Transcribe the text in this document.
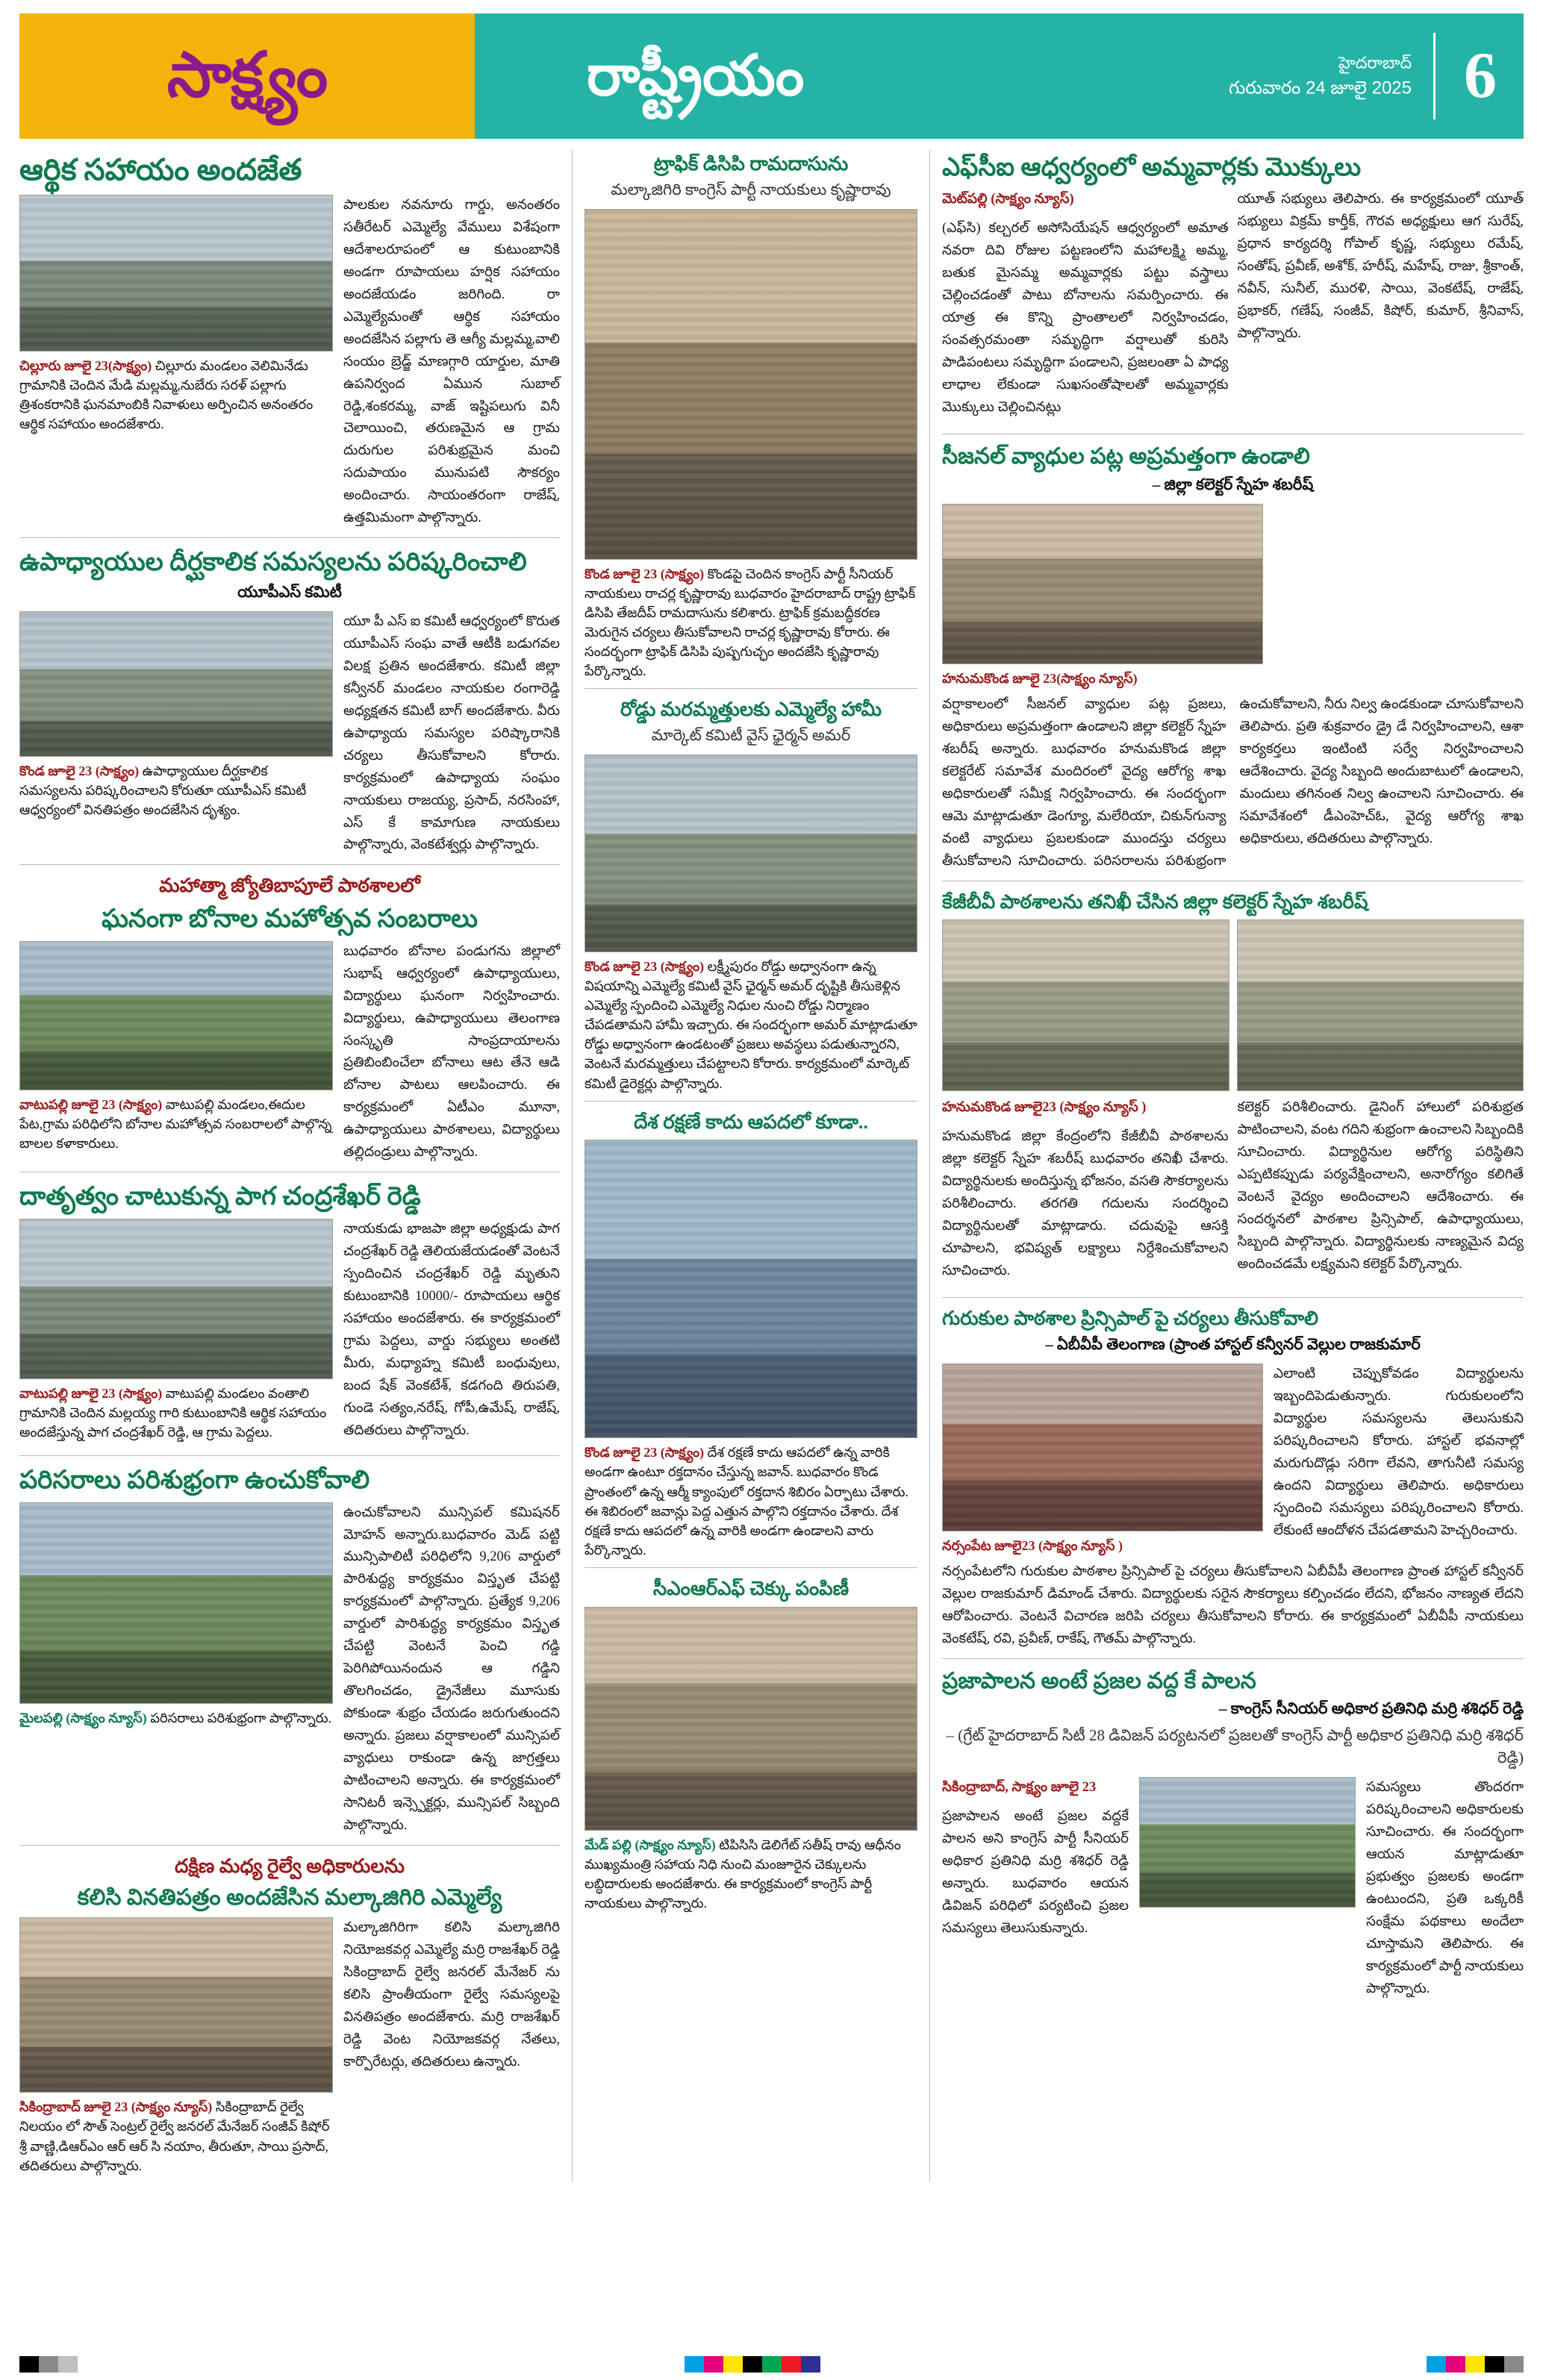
సాక్ష్యం	రాష్ట్రీయం	హైదరాబాద్
గురువారం 24 జూలై 2025 6
ఆర్థిక సహాయం అందజేత
చిల్లూరు జూలై 23(సాక్ష్యం) చిల్లూరు మండలం వెలిమినేడు గ్రామానికి చెందిన మేడి మల్లమ్మ,నుబేరు సరళ్ పల్లాగు త్రిశంకరానికి ఘనమాంబికి నివాళులు అర్పించిన అనంతరం ఆర్థిక సహాయం అందజేశారు.
పాలకుల నవనూరు గార్డు, అనంతరం సతీరేటర్ ఎమ్మెల్యే వేములు విశేషంగా ఆదేశాలరూపంలో ఆ కుటుంబానికి అండగా రూపాయలు హర్షిక సహాయం అందజేయడం జరిగింది. రా ఎమ్మెల్యేమంతో ఆర్థిక సహాయం అందజేసిన పల్లాగు తె ఆగ్యీ మల్లమ్మ,వాలి సంయం బ్రెడ్జ్ మాణగ్గారి యార్డుల, మాతి ఉపనిర్వంద ఏమున సుబాల్ రెడ్డి,శంకరమ్మ, వాజ్ ఇష్టిపలుగు వినీ చెలాయించి, తరుణమైన ఆ గ్రామ దురుగుల పరిశుభ్రమైన మంచి సదుపాయం మునుపటి సౌకర్యం అందించారు. సాయంతరంగా రాజేష్, ఉత్తమిమంగా పాల్గొన్నారు.
ఉపాధ్యాయుల దీర్ఘకాలిక సమస్యలను పరిష్కరించాలి
యూపీఎస్ కమిటీ
కొండ జూలై 23 (సాక్ష్యం) ఉపాధ్యాయుల దీర్ఘకాలిక సమస్యలను పరిష్కరించాలని కోరుతూ యూపీఎస్ కమిటీ ఆధ్వర్యంలో వినతిపత్రం అందజేసిన దృశ్యం.
యూ పీ ఎస్ ఐ కమిటీ ఆధ్వర్యంలో కొరుత యూపీఎస్ సంఘ వాతే ఆటీకి బడుగవల విలక్ష ప్రతిన అందజేశారు. కమిటీ జిల్లా కన్వీనర్ మండలం నాయకుల రంగారెడ్డి అధ్యక్షతన కమిటీ బాగ్ అందజేశారు. వీరు ఉపాధ్యాయ సమస్యల పరిష్కారానికి చర్యలు తీసుకోవాలని కోరారు. కార్యక్రమంలో ఉపాధ్యాయ సంఘం నాయకులు రాజయ్య, ప్రసాద్, నరసింహా, ఎస్ కే కామాగుణ నాయకులు పాల్గొన్నారు, వెంకటేశ్వర్లు పాల్గొన్నారు.
మహాత్మా జ్యోతిబాపూలే పాఠశాలలో
ఘనంగా బోనాల మహోత్సవ సంబరాలు
వాటుపల్లి జూలై 23 (సాక్ష్యం) వాటుపల్లి మండలం,ఈదుల పేట,గ్రామ పరిధిలోని బోనాల మహోత్సవ సంబరాలలో పాల్గొన్న బాలల కళాకారులు.
బుధవారం బోనాల పండుగను జిల్లాలో సుభాష్ ఆధ్వర్యంలో ఉపాధ్యాయులు, విద్యార్థులు ఘనంగా నిర్వహించారు. విద్యార్థులు, ఉపాధ్యాయులు తెలంగాణ సంస్కృతి సాంప్రదాయాలను ప్రతిబింబించేలా బోనాలు ఆట తేనె ఆడి బోనాల పాటలు ఆలపించారు. ఈ కార్యక్రమంలో ఏటీఎం మూనా, ఉపాధ్యాయులు పాఠశాలలు, విద్యార్థులు తల్లిదండ్రులు పాల్గొన్నారు.
దాతృత్వం చాటుకున్న పాగ చంద్రశేఖర్ రెడ్డి
వాటుపల్లి జూలై 23 (సాక్ష్యం) వాటుపల్లి మండలం వంతాలి గ్రామానికి చెందిన మల్లయ్య గారి కుటుంబానికి ఆర్థిక సహాయం అందజేస్తున్న పాగ చంద్రశేఖర్ రెడ్డి, ఆ గ్రామ పెద్దలు.
నాయకుడు భాజపా జిల్లా అధ్యక్షుడు పాగ చంద్రశేఖర్ రెడ్డి తెలియజేయడంతో వెంటనే స్పందించిన చంద్రశేఖర్ రెడ్డి మృతుని కుటుంబానికి 10000/- రూపాయలు ఆర్థిక సహాయం అందజేశారు. ఈ కార్యక్రమంలో గ్రామ పెద్దలు, వార్డు సభ్యులు అంతటి మీరు, మధ్యాహ్న కమిటీ బంధువులు, బంద షేక్ వెంకటేశ్, కడగంది తిరుపతి, గుండె సత్యం,నరేష్, గోపీ,ఉమేష్, రాజేష్, తదితరులు పాల్గొన్నారు.
పరిసరాలు పరిశుభ్రంగా ఉంచుకోవాలి
మైలపల్లి (సాక్ష్యం న్యూస్) పరిసరాలు పరిశుభ్రంగా పాల్గొన్నారు.
ఉంచుకోవాలని మున్సిపల్ కమిషనర్ మోహన్ అన్నారు.బుధవారం మెడ్ పట్టి మున్సిపాలిటీ పరిధిలోని 9,206 వార్డులో పారిశుద్ధ్య కార్యక్రమం విస్తృత చేపట్టి కార్యక్రమంలో పాల్గొన్నారు. ప్రత్యేక 9,206 వార్డులో పారిశుద్ధ్య కార్యక్రమం విస్తృత చేపట్టి వెంటనే పెంచి గడ్డి పెరిగిపోయినందున ఆ గడ్డిని తొలగించడం, డ్రైనేజీలు మూసుకు పోకుండా శుభ్రం చేయడం జరుగుతుందని అన్నారు. ప్రజలు వర్షాకాలంలో మున్సిపల్ వ్యాధులు రాకుండా ఉన్న జాగ్రత్తలు పాటించాలని అన్నారు. ఈ కార్యక్రమంలో సానిటరీ ఇన్స్పెక్టర్లు, మున్సిపల్ సిబ్బంది పాల్గొన్నారు.
దక్షిణ మధ్య రైల్వే అధికారులను
కలిసి వినతిపత్రం అందజేసిన మల్కాజిగిరి ఎమ్మెల్యే
సికింద్రాబాద్ జూలై 23 (సాక్ష్యం న్యూస్) సికింద్రాబాద్ రైల్వే నిలయం లో సౌత్ సెంట్రల్ రైల్వే జనరల్ మేనేజర్ సంజీవ్ కిషోర్ శ్రీ వాణ్ణి,డిఆర్ఎం ఆర్ ఆర్ సి నయాం, తీరుతూ, సాయి ప్రసాద్, తదితరులు పాల్గొన్నారు.
మల్కాజిగిరిగా కలిసి మల్కాజిగిరి నియోజకవర్గ ఎమ్మెల్యే మర్రి రాజశేఖర్ రెడ్డి సికింద్రాబాద్ రైల్వే జనరల్ మేనేజర్ ను కలిసి ప్రాంతీయంగా రైల్వే సమస్యలపై వినతిపత్రం అందజేశారు. మర్రి రాజశేఖర్ రెడ్డి వెంట నియోజకవర్గ నేతలు, కార్పొరేటర్లు, తదితరులు ఉన్నారు.
ట్రాఫిక్ డిసిపి రామదాసును
మల్కాజిగిరి కాంగ్రెస్ పార్టీ నాయకులు కృష్ణారావు
కొండ జూలై 23 (సాక్ష్యం) కొండపై చెందిన కాంగ్రెస్ పార్టీ సీనియర్ నాయకులు రాచర్ల కృష్ణారావు బుధవారం హైదరాబాద్ రాష్ట్ర ట్రాఫిక్ డిసిపి తేజదీప్ రామదాసును కలిశారు. ట్రాఫిక్ క్రమబద్ధీకరణ మెరుగైన చర్యలు తీసుకోవాలని రాచర్ల కృష్ణారావు కోరారు. ఈ సందర్భంగా ట్రాఫిక్ డిసిపి పుష్పగుచ్ఛం అందజేసి కృష్ణారావు పేర్కొన్నారు.
రోడ్డు మరమ్మత్తులకు ఎమ్మెల్యే హామీ
మార్కెట్ కమిటీ వైస్ ఛైర్మన్ అమర్
కొండ జూలై 23 (సాక్ష్యం) లక్ష్మీపురం రోడ్డు అధ్వానంగా ఉన్న విషయాన్ని ఎమ్మెల్యే కమిటీ వైస్ ఛైర్మన్ అమర్ దృష్టికి తీసుకెళ్లిన ఎమ్మెల్యే స్పందించి ఎమ్మెల్యే నిధుల నుంచి రోడ్డు నిర్మాణం చేపడతామని హామీ ఇచ్చారు. ఈ సందర్భంగా అమర్ మాట్లాడుతూ రోడ్డు అధ్వానంగా ఉండటంతో ప్రజలు అవస్థలు పడుతున్నారని, వెంటనే మరమ్మత్తులు చేపట్టాలని కోరారు. కార్యక్రమంలో మార్కెట్ కమిటీ డైరెక్టర్లు పాల్గొన్నారు.
దేశ రక్షణే కాదు ఆపదలో కూడా..
కొండ జూలై 23 (సాక్ష్యం) దేశ రక్షణే కాదు ఆపదలో ఉన్న వారికి అండగా ఉంటూ రక్తదానం చేస్తున్న జవాన్. బుధవారం కొండ ప్రాంతంలో ఉన్న ఆర్మీ క్యాంపులో రక్తదాన శిబిరం ఏర్పాటు చేశారు. ఈ శిబిరంలో జవాన్లు పెద్ద ఎత్తున పాల్గొని రక్తదానం చేశారు. దేశ రక్షణే కాదు ఆపదలో ఉన్న వారికి అండగా ఉండాలని వారు పేర్కొన్నారు.
సీఎంఆర్ఎఫ్ చెక్కు పంపిణీ
మేడ్ పల్లి (సాక్ష్యం న్యూస్) టిపిసిసి డెలిగేట్ సతీష్ రావు ఆధీనం ముఖ్యమంత్రి సహాయ నిధి నుంచి మంజూరైన చెక్కులను లబ్ధిదారులకు అందజేశారు. ఈ కార్యక్రమంలో కాంగ్రెస్ పార్టీ నాయకులు పాల్గొన్నారు.
ఎఫ్‌సీఐ ఆధ్వర్యంలో అమ్మవార్లకు మొక్కులు

మెట్‌పల్లి (సాక్ష్యం న్యూస్)

(ఎఫ్‌సి) కల్చరల్ అసోసియేషన్ ఆధ్వర్యంలో అమాత నవరా దివి రోజుల పట్టణంలోని మహాలక్ష్మి అమ్మ, బతుక మైసమ్మ అమ్మవార్లకు పట్టు వస్త్రాలు చెల్లించడంతో పాటు బోనాలను సమర్పించారు. ఈ యాత్ర ఈ కొన్ని ప్రాంతాలలో నిర్వహించడం, సంవత్సరమంతా సమృద్ధిగా వర్షాలుతో కురిసి పాడిపంటలు సమృద్ధిగా పండాలని, ప్రజలంతా ఏ పాధ్య లాధాల లేకుండా సుఖసంతోషాలతో అమ్మవార్లకు మొక్కులు చెల్లించినట్లు

యూత్ సభ్యులు తెలిపారు. ఈ కార్యక్రమంలో యూత్ సభ్యులు విక్రమ్ కార్తీక్, గౌరవ అధ్యక్షులు ఆగ సురేష్, ప్రధాన కార్యదర్శి గోపాల్ కృష్ణ, సభ్యులు రమేష్, సంతోష్, ప్రవీణ్, అశోక్, హరీష్, మహేష్, రాజు, శ్రీకాంత్, నవీన్, సునీల్, మురళి, సాయి, వెంకటేష్, రాజేష్, ప్రభాకర్, గణేష్, సంజీవ్, కిషోర్, కుమార్, శ్రీనివాస్, పాల్గొన్నారు.
సీజనల్ వ్యాధుల పట్ల అప్రమత్తంగా ఉండాలి
– జిల్లా కలెక్టర్ స్నేహ శబరీష్
హనుమకొండ జూలై 23(సాక్ష్యం న్యూస్)
వర్షాకాలంలో సీజనల్ వ్యాధుల పట్ల ప్రజలు, అధికారులు అప్రమత్తంగా ఉండాలని జిల్లా కలెక్టర్ స్నేహ శబరీష్ అన్నారు. బుధవారం హనుమకొండ జిల్లా కలెక్టరేట్ సమావేశ మందిరంలో వైద్య ఆరోగ్య శాఖ అధికారులతో సమీక్ష నిర్వహించారు. ఈ సందర్భంగా ఆమె మాట్లాడుతూ డెంగ్యూ, మలేరియా, చికున్‌గున్యా వంటి వ్యాధులు ప్రబలకుండా ముందస్తు చర్యలు తీసుకోవాలని సూచించారు. పరిసరాలను పరిశుభ్రంగా ఉంచుకోవాలని, నీరు నిల్వ ఉండకుండా చూసుకోవాలని తెలిపారు. ప్రతి శుక్రవారం డ్రై డే నిర్వహించాలని, ఆశా కార్యకర్తలు ఇంటింటి సర్వే నిర్వహించాలని ఆదేశించారు. వైద్య సిబ్బంది అందుబాటులో ఉండాలని, మందులు తగినంత నిల్వ ఉంచాలని సూచించారు. ఈ సమావేశంలో డీఎంహెచ్‌ఓ, వైద్య ఆరోగ్య శాఖ అధికారులు, తదితరులు పాల్గొన్నారు.
కేజీబీవీ పాఠశాలను తనిఖీ చేసిన జిల్లా కలెక్టర్ స్నేహ శబరీష్

హనుమకొండ జూలై23 (సాక్ష్యం న్యూస్ )

హనుమకొండ జిల్లా కేంద్రంలోని కేజీబీవీ పాఠశాలను జిల్లా కలెక్టర్ స్నేహ శబరీష్ బుధవారం తనిఖీ చేశారు. విద్యార్థినులకు అందిస్తున్న భోజనం, వసతి సౌకర్యాలను పరిశీలించారు. తరగతి గదులను సందర్శించి విద్యార్థినులతో మాట్లాడారు. చదువుపై ఆసక్తి చూపాలని, భవిష్యత్ లక్ష్యాలు నిర్దేశించుకోవాలని సూచించారు.

కలెక్టర్ పరిశీలించారు. డైనింగ్ హాలులో పరిశుభ్రత పాటించాలని, వంట గదిని శుభ్రంగా ఉంచాలని సిబ్బందికి సూచించారు. విద్యార్థినుల ఆరోగ్య పరిస్థితిని ఎప్పటికప్పుడు పర్యవేక్షించాలని, అనారోగ్యం కలిగితే వెంటనే వైద్యం అందించాలని ఆదేశించారు. ఈ సందర్శనలో పాఠశాల ప్రిన్సిపాల్, ఉపాధ్యాయులు, సిబ్బంది పాల్గొన్నారు. విద్యార్థినులకు నాణ్యమైన విద్య అందించడమే లక్ష్యమని కలెక్టర్ పేర్కొన్నారు.
గురుకుల పాఠశాల ప్రిన్సిపాల్ పై చర్యలు తీసుకోవాలి
– ఏబీవీపీ తెలంగాణ (ప్రాంత హాస్టల్ కన్వీనర్ వెల్లుల రాజకుమార్
నర్సంపేట జూలై23 (సాక్ష్యం న్యూస్ )
ఎలాంటి చెప్పుకోవడం విద్యార్థులను ఇబ్బందిపెడుతున్నారు. గురుకులంలోని విద్యార్థుల సమస్యలను తెలుసుకుని పరిష్కరించాలని కోరారు. హాస్టల్ భవనాల్లో మరుగుదొడ్లు సరిగా లేవని, తాగునీటి సమస్య ఉందని విద్యార్థులు తెలిపారు. అధికారులు స్పందించి సమస్యలు పరిష్కరించాలని కోరారు. లేకుంటే ఆందోళన చేపడతామని హెచ్చరించారు.
నర్సంపేటలోని గురుకుల పాఠశాల ప్రిన్సిపాల్ పై చర్యలు తీసుకోవాలని ఏబీవీపీ తెలంగాణ ప్రాంత హాస్టల్ కన్వీనర్ వెల్లుల రాజకుమార్ డిమాండ్ చేశారు. విద్యార్థులకు సరైన సౌకర్యాలు కల్పించడం లేదని, భోజనం నాణ్యత లేదని ఆరోపించారు. వెంటనే విచారణ జరిపి చర్యలు తీసుకోవాలని కోరారు. ఈ కార్యక్రమంలో ఏబీవీపీ నాయకులు వెంకటేష్, రవి, ప్రవీణ్, రాకేష్, గౌతమ్ పాల్గొన్నారు.
ప్రజాపాలన అంటే ప్రజల వద్ద కే పాలన
– కాంగ్రెస్ సీనియర్ అధికార ప్రతినిధి మర్రి శశిధర్ రెడ్డి
– (గ్రేట్ హైదరాబాద్ సిటీ 28 డివిజన్ పర్యటనలో ప్రజలతో కాంగ్రెస్ పార్టీ అధికార ప్రతినిధి మర్రి శశిధర్ రెడ్డి)

సికింద్రాబాద్, సాక్ష్యం జూలై 23

ప్రజాపాలన అంటే ప్రజల వద్దకే పాలన అని కాంగ్రెస్ పార్టీ సీనియర్ అధికార ప్రతినిధి మర్రి శశిధర్ రెడ్డి అన్నారు. బుధవారం ఆయన డివిజన్ పరిధిలో పర్యటించి ప్రజల సమస్యలు తెలుసుకున్నారు.

సమస్యలు తొందరగా పరిష్కరించాలని అధికారులకు సూచించారు. ఈ సందర్భంగా ఆయన మాట్లాడుతూ ప్రభుత్వం ప్రజలకు అండగా ఉంటుందని, ప్రతి ఒక్కరికీ సంక్షేమ పథకాలు అందేలా చూస్తామని తెలిపారు. ఈ కార్యక్రమంలో పార్టీ నాయకులు పాల్గొన్నారు.
